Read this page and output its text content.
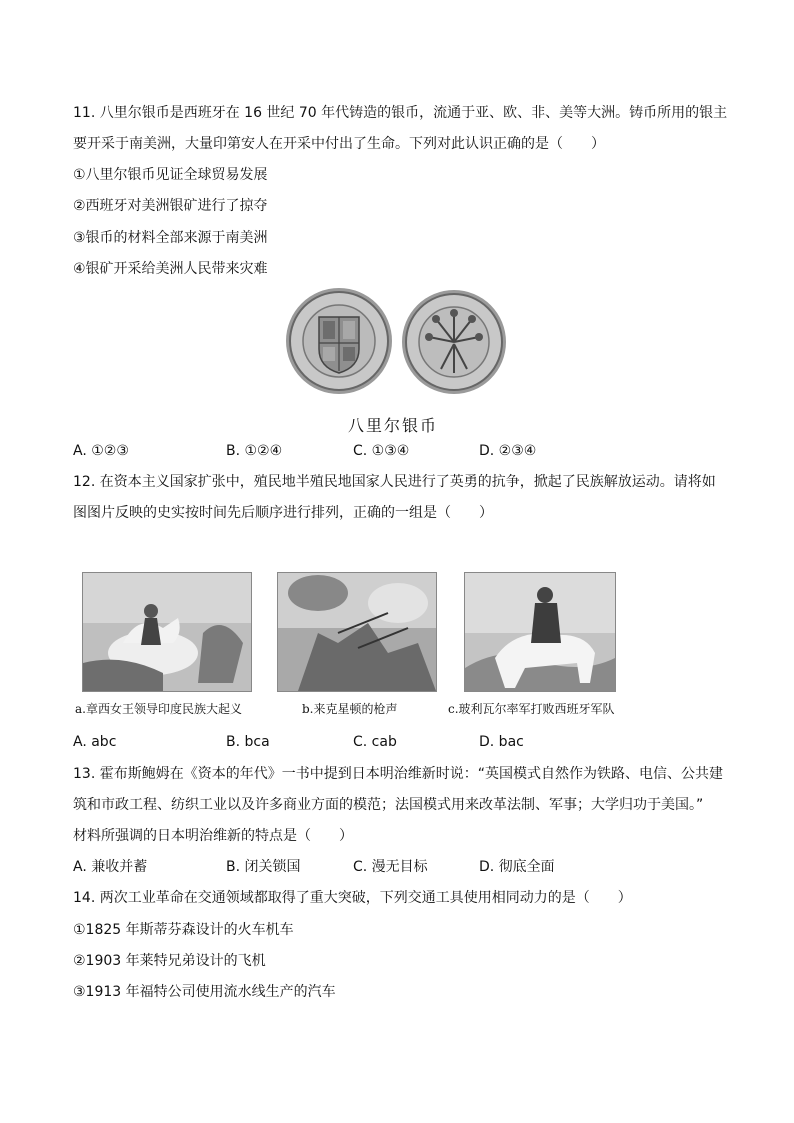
11. 八里尔银币是西班牙在 16 世纪 70 年代铸造的银币，流通于亚、欧、非、美等大洲。铸币所用的银主
要开采于南美洲，大量印第安人在开采中付出了生命。下列对此认识正确的是（　　）
①八里尔银币见证全球贸易发展
②西班牙对美洲银矿进行了掠夺
③银币的材料全部来源于南美洲
④银矿开采给美洲人民带来灾难
八里尔银币
A. ①②③	B. ①②④	C. ①③④	D. ②③④
12. 在资本主义国家扩张中，殖民地半殖民地国家人民进行了英勇的抗争，掀起了民族解放运动。请将如
图图片反映的史实按时间先后顺序进行排列，正确的一组是（　　）
a.章西女王领导印度民族大起义	b.来克星顿的枪声	c.玻利瓦尔率军打败西班牙军队
A. abc	B. bca	C. cab	D. bac
13. 霍布斯鲍姆在《资本的年代》一书中提到日本明治维新时说：“英国模式自然作为铁路、电信、公共建
筑和市政工程、纺织工业以及许多商业方面的模范；法国模式用来改革法制、军事；大学归功于美国。”
材料所强调的日本明治维新的特点是（　　）
A. 兼收并蓄	B. 闭关锁国	C. 漫无目标	D. 彻底全面
14. 两次工业革命在交通领域都取得了重大突破，下列交通工具使用相同动力的是（　　）
①1825 年斯蒂芬森设计的火车机车
②1903 年莱特兄弟设计的飞机
③1913 年福特公司使用流水线生产的汽车
